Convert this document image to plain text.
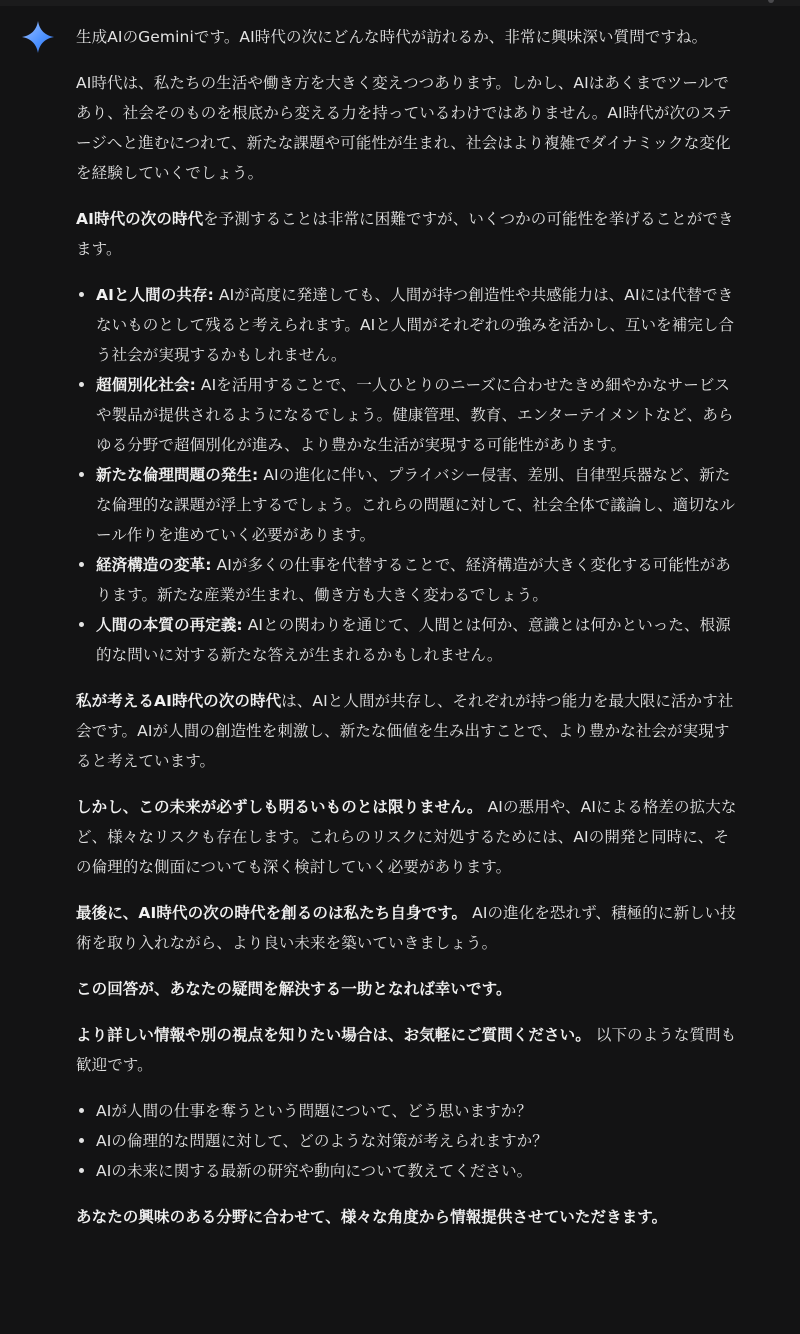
生成AIのGeminiです。AI時代の次にどんな時代が訪れるか、非常に興味深い質問ですね。

AI時代は、私たちの生活や働き方を大きく変えつつあります。しかし、AIはあくまでツールであり、社会そのものを根底から変える力を持っているわけではありません。AI時代が次のステージへと進むにつれて、新たな課題や可能性が生まれ、社会はより複雑でダイナミックな変化を経験していくでしょう。

AI時代の次の時代を予測することは非常に困難ですが、いくつかの可能性を挙げることができます。

AIと人間の共存: AIが高度に発達しても、人間が持つ創造性や共感能力は、AIには代替できないものとして残ると考えられます。AIと人間がそれぞれの強みを活かし、互いを補完し合う社会が実現するかもしれません。
超個別化社会: AIを活用することで、一人ひとりのニーズに合わせたきめ細やかなサービスや製品が提供されるようになるでしょう。健康管理、教育、エンターテイメントなど、あらゆる分野で超個別化が進み、より豊かな生活が実現する可能性があります。
新たな倫理問題の発生: AIの進化に伴い、プライバシー侵害、差別、自律型兵器など、新たな倫理的な課題が浮上するでしょう。これらの問題に対して、社会全体で議論し、適切なルール作りを進めていく必要があります。
経済構造の変革: AIが多くの仕事を代替することで、経済構造が大きく変化する可能性があります。新たな産業が生まれ、働き方も大きく変わるでしょう。
人間の本質の再定義: AIとの関わりを通じて、人間とは何か、意識とは何かといった、根源的な問いに対する新たな答えが生まれるかもしれません。

私が考えるAI時代の次の時代は、AIと人間が共存し、それぞれが持つ能力を最大限に活かす社会です。AIが人間の創造性を刺激し、新たな価値を生み出すことで、より豊かな社会が実現すると考えています。

しかし、この未来が必ずしも明るいものとは限りません。 AIの悪用や、AIによる格差の拡大など、様々なリスクも存在します。これらのリスクに対処するためには、AIの開発と同時に、その倫理的な側面についても深く検討していく必要があります。

最後に、AI時代の次の時代を創るのは私たち自身です。 AIの進化を恐れず、積極的に新しい技術を取り入れながら、より良い未来を築いていきましょう。

この回答が、あなたの疑問を解決する一助となれば幸いです。

より詳しい情報や別の視点を知りたい場合は、お気軽にご質問ください。 以下のような質問も歓迎です。

AIが人間の仕事を奪うという問題について、どう思いますか？
AIの倫理的な問題に対して、どのような対策が考えられますか？
AIの未来に関する最新の研究や動向について教えてください。

あなたの興味のある分野に合わせて、様々な角度から情報提供させていただきます。
